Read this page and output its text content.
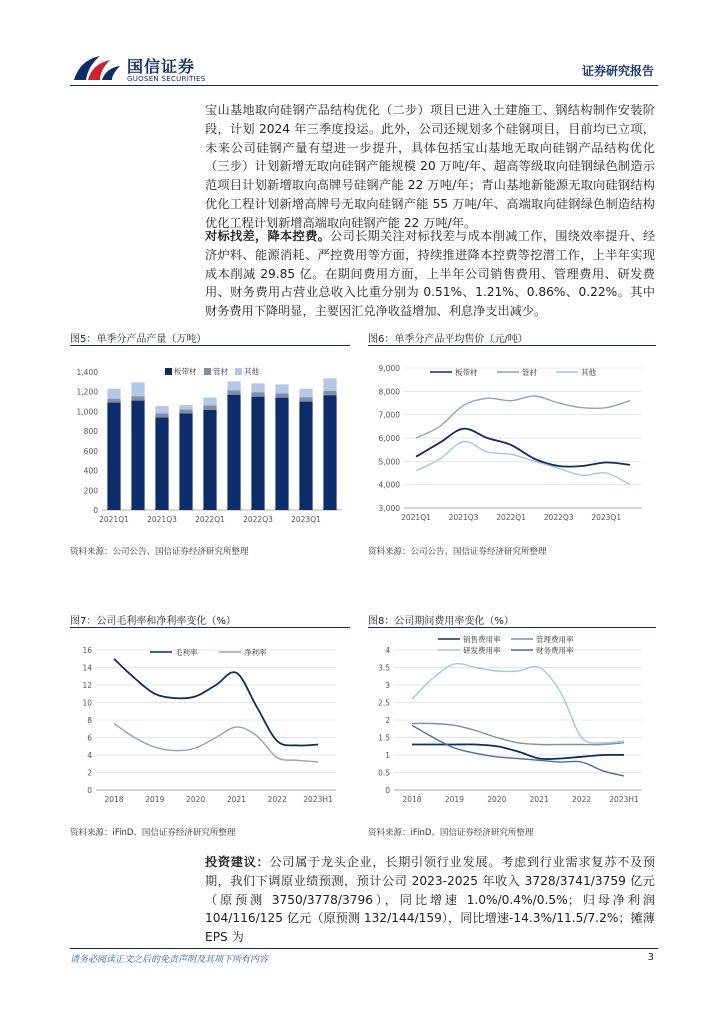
国信证券
GUOSEN SECURITIES
证券研究报告
宝山基地取向硅钢产品结构优化（二步）项目已进入土建施工、钢结构制作安装阶段，计划 2024 年三季度投运。此外，公司还规划多个硅钢项目，目前均已立项，未来公司硅钢产量有望进一步提升，具体包括宝山基地无取向硅钢产品结构优化（三步）计划新增无取向硅钢产能规模 20 万吨/年、超高等级取向硅钢绿色制造示范项目计划新增取向高牌号硅钢产能 22 万吨/年；青山基地新能源无取向硅钢结构优化工程计划新增高牌号无取向硅钢产能 55 万吨/年、高端取向硅钢绿色制造结构优化工程计划新增高端取向硅钢产能 22 万吨/年。
对标找差，降本控费。公司长期关注对标找差与成本削减工作，围绕效率提升、经济炉料、能源消耗、严控费用等方面，持续推进降本控费等挖潜工作，上半年实现成本削减 29.85 亿。在期间费用方面，上半年公司销售费用、管理费用、研发费用、财务费用占营业总收入比重分别为 0.51%、1.21%、0.86%、0.22%。其中财务费用下降明显，主要因汇兑净收益增加、利息净支出减少。
图5：单季分产品产量（万吨）
0
200
400
600
800
1,000
1,200
1,400
2021Q1 2021Q3 2022Q1 2022Q3 2023Q1
板带材 管材 其他
资料来源：公司公告、国信证券经济研究所整理
图6：单季分产品平均售价（元/吨）
3,000
4,000
5,000
6,000
7,000
8,000
9,000
2021Q1 2021Q3 2022Q1 2022Q3 2023Q1
板带材	管材	其他
资料来源：公司公告、国信证券经济研究所整理
图7：公司毛利率和净利率变化（%）
0
2
4
6
8
10
12
14
16
2018	2019	2020	2021	2022 2023H1
毛利率	净利率
资料来源：iFinD、国信证券经济研究所整理
图8：公司期间费用率变化（%）
0
0.5
1
1.5
2
2.5
3
3.5
4
2018	2019	2020	2021	2022 2023H1
销售费用率	管理费用率
研发费用率	财务费用率
资料来源：iFinD、国信证券经济研究所整理
投资建议：公司属于龙头企业，长期引领行业发展。考虑到行业需求复苏不及预期，我们下调原业绩预测，预计公司 2023-2025 年收入 3728/3741/3759 亿元（原预测 3750/3778/3796），同比增速 1.0%/0.4%/0.5%；归母净利润 104/116/125 亿元（原预测 132/144/159），同比增速-14.3%/11.5/7.2%；摊薄 EPS 为
请务必阅读正文之后的免责声明及其项下所有内容	3
